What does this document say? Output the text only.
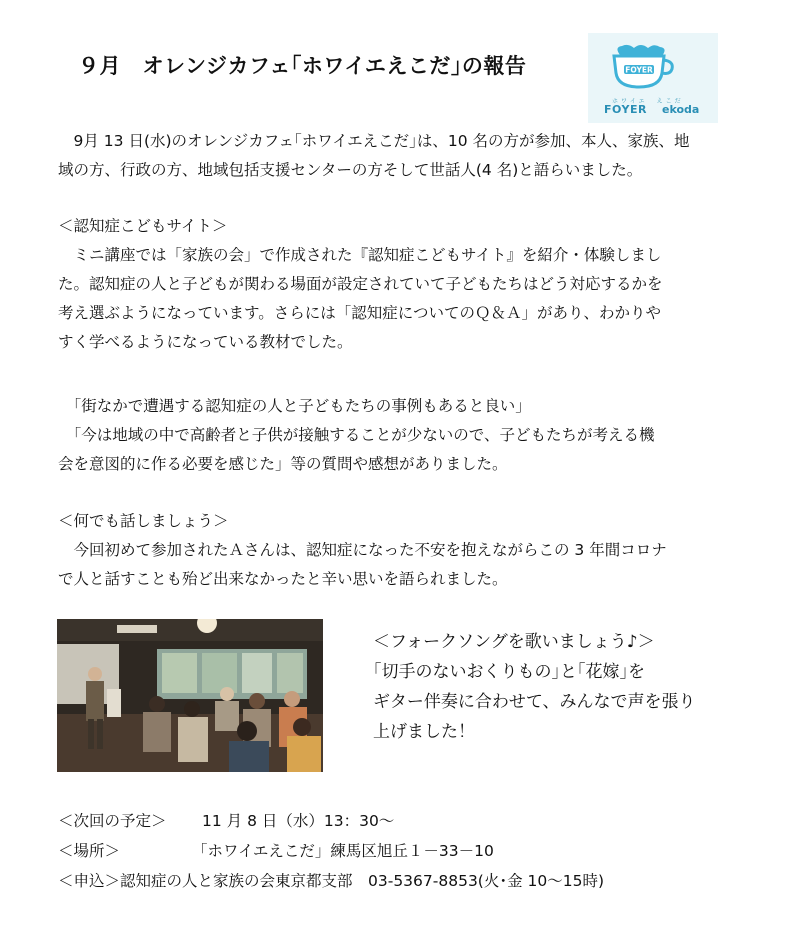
９月　オレンジカフェ｢ホワイエえこだ｣の報告	FOYER
ホワイエ　えこだ
FOYER ekoda
　9月 13 日(水)のオレンジカフェ｢ホワイエえこだ｣は、10 名の方が参加、本人、家族、地
域の方、行政の方、地域包括支援センターの方そして世話人(4 名)と語らいました。
＜認知症こどもサイト＞
　ミニ講座では「家族の会」で作成された『認知症こどもサイト』を紹介・体験しまし
た。認知症の人と子どもが関わる場面が設定されていて子どもたちはどう対応するかを
考え選ぶようになっています。さらには「認知症についてのＱ＆Ａ」があり、わかりや
すく学べるようになっている教材でした。
　「街なかで遭遇する認知症の人と子どもたちの事例もあると良い」
　「今は地域の中で高齢者と子供が接触することが少ないので、子どもたちが考える機
会を意図的に作る必要を感じた」等の質問や感想がありました。
＜何でも話しましょう＞
　今回初めて参加されたＡさんは、認知症になった不安を抱えながらこの 3 年間コロナ
で人と話すことも殆ど出来なかったと辛い思いを語られました。
＜フォークソングを歌いましょう♪＞
｢切手のないおくりもの｣と｢花嫁｣を
ギター伴奏に合わせて、みんなで声を張り
上げました！
＜次回の予定＞ 11 月 8 日（水）13：30～
＜場所＞	「ホワイエえこだ」練馬区旭丘１－33－10
＜申込＞認知症の人と家族の会東京都支部　03-5367-8853(火･金 10～15時)
